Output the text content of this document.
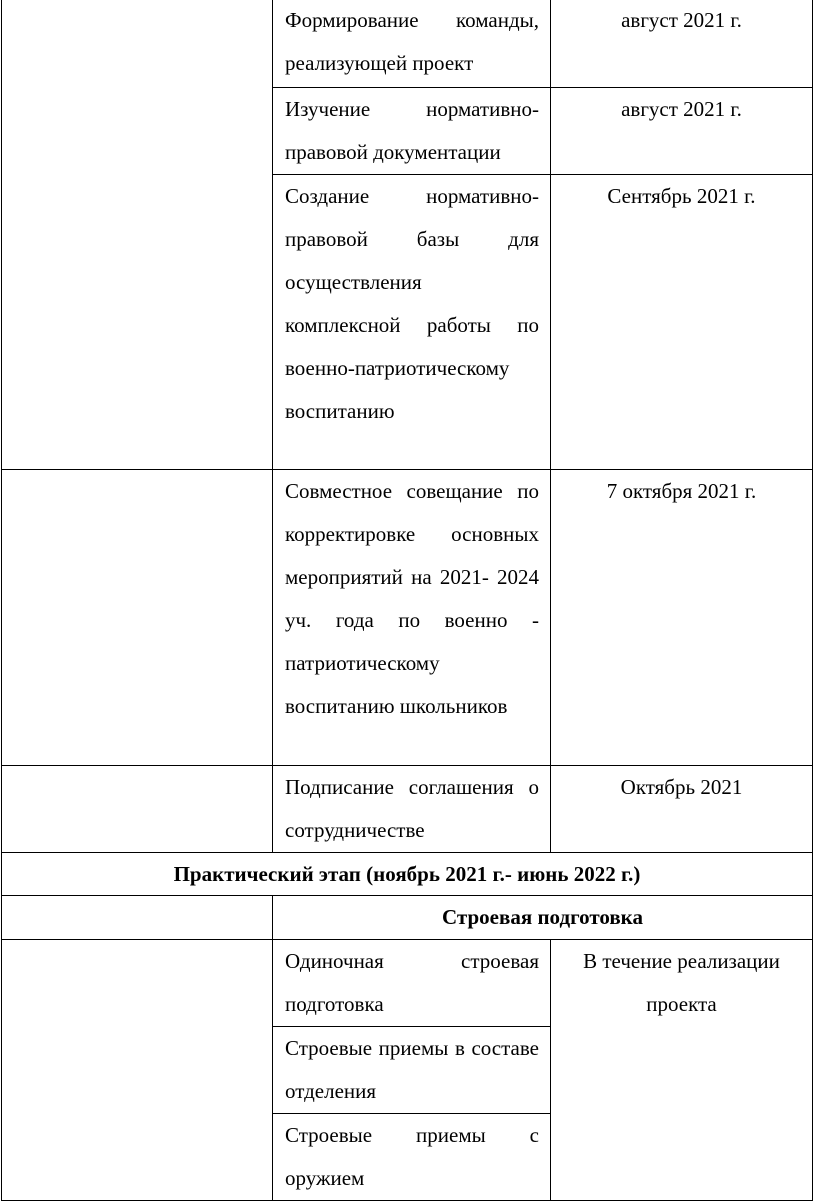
	Формирование команды, реализующей проект	август 2021 г.

	Изучение нормативно-правовой документации	август 2021 г.

	Создание нормативно-правовой базы для осуществления комплексной работы по военно-патриотическому воспитанию	Сентябрь 2021 г.

	Совместное совещание по корректировке основных мероприятий на 2021- 2024 уч. года по военно - патриотическому воспитанию школьников	7 октября 2021 г.

	Подписание соглашения о сотрудничестве	Октябрь 2021

Практический этап (ноябрь 2021 г.- июнь 2022 г.)		

	Строевая подготовка	

	Одиночная строевая подготовка	В течение реализации проекта

	Строевые приемы в составе отделения	

	Строевые приемы с оружием	
